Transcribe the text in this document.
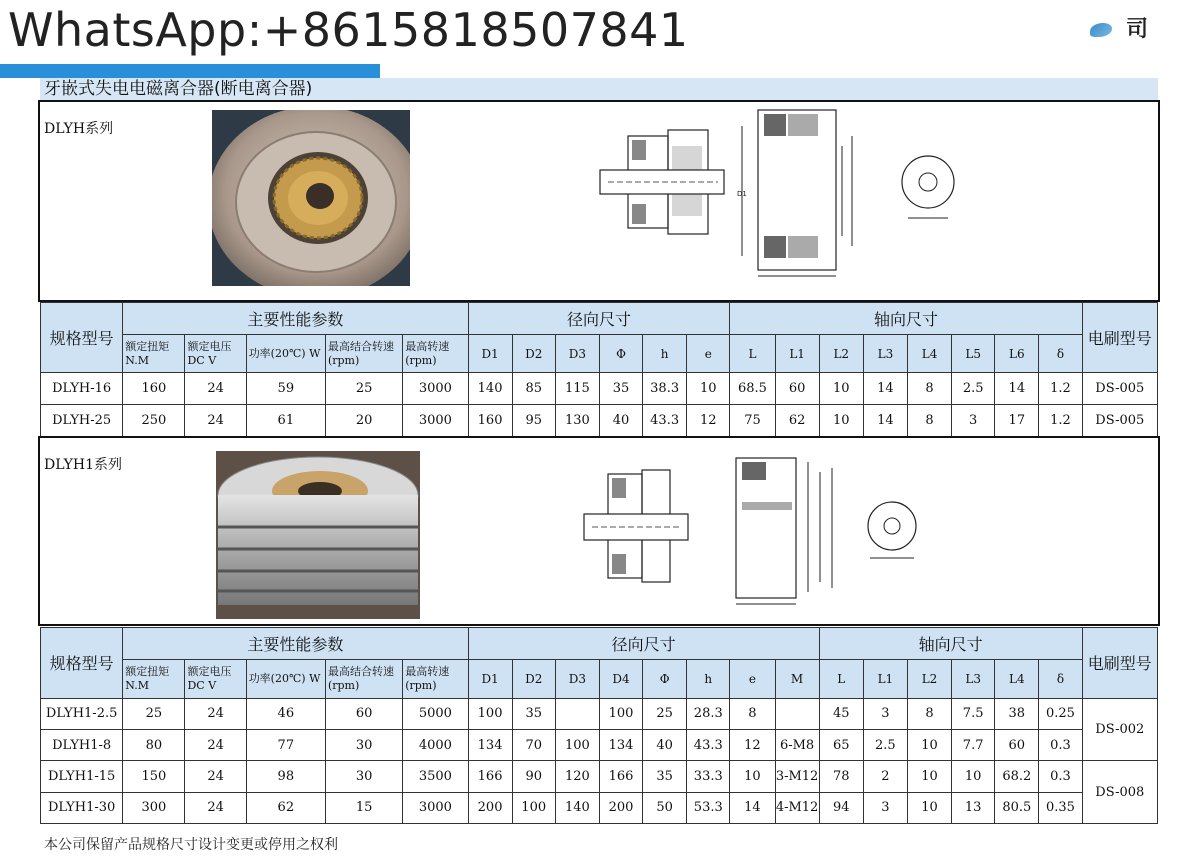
WhatsApp:+8615818507841	司
牙嵌式失电电磁离合器(断电离合器)
DLYH系列
D1
规格型号	主要性能参数					径向尺寸						轴向尺寸								电刷型号
	额定扭矩 N.M	额定电压 DC V	功率(20℃) W	最高结合转速(rpm)	最高转速 (rpm)	D1	D2	D3	Φ	h	e	L	L1	L2	L3	L4	L5	L6	δ	
DLYH-16	160	24	59	25	3000	140	85	115	35	38.3	10	68.5	60	10	14	8	2.5	14	1.2	DS-005
DLYH-25	250	24	61	20	3000	160	95	130	40	43.3	12	75	62	10	14	8	3	17	1.2	DS-005
DLYH1系列
规格型号	主要性能参数					径向尺寸								轴向尺寸						电刷型号
	额定扭矩 N.M	额定电压 DC V	功率(20℃) W	最高结合转速(rpm)	最高转速 (rpm)	D1	D2	D3	D4	Φ	h	e	M	L	L1	L2	L3	L4	δ	
DLYH1-2.5	25	24	46	60	5000	100	35		100	25	28.3	8		45	3	8	7.5	38	0.25	DS-002
DLYH1-8	80	24	77	30	4000	134	70	100	134	40	43.3	12	6-M8	65	2.5	10	7.7	60	0.3	
DLYH1-15	150	24	98	30	3500	166	90	120	166	35	33.3	10	3-M12	78	2	10	10	68.2	0.3	DS-008
DLYH1-30	300	24	62	15	3000	200	100	140	200	50	53.3	14	4-M12	94	3	10	13	80.5	0.35	
本公司保留产品规格尺寸设计变更或停用之权利
